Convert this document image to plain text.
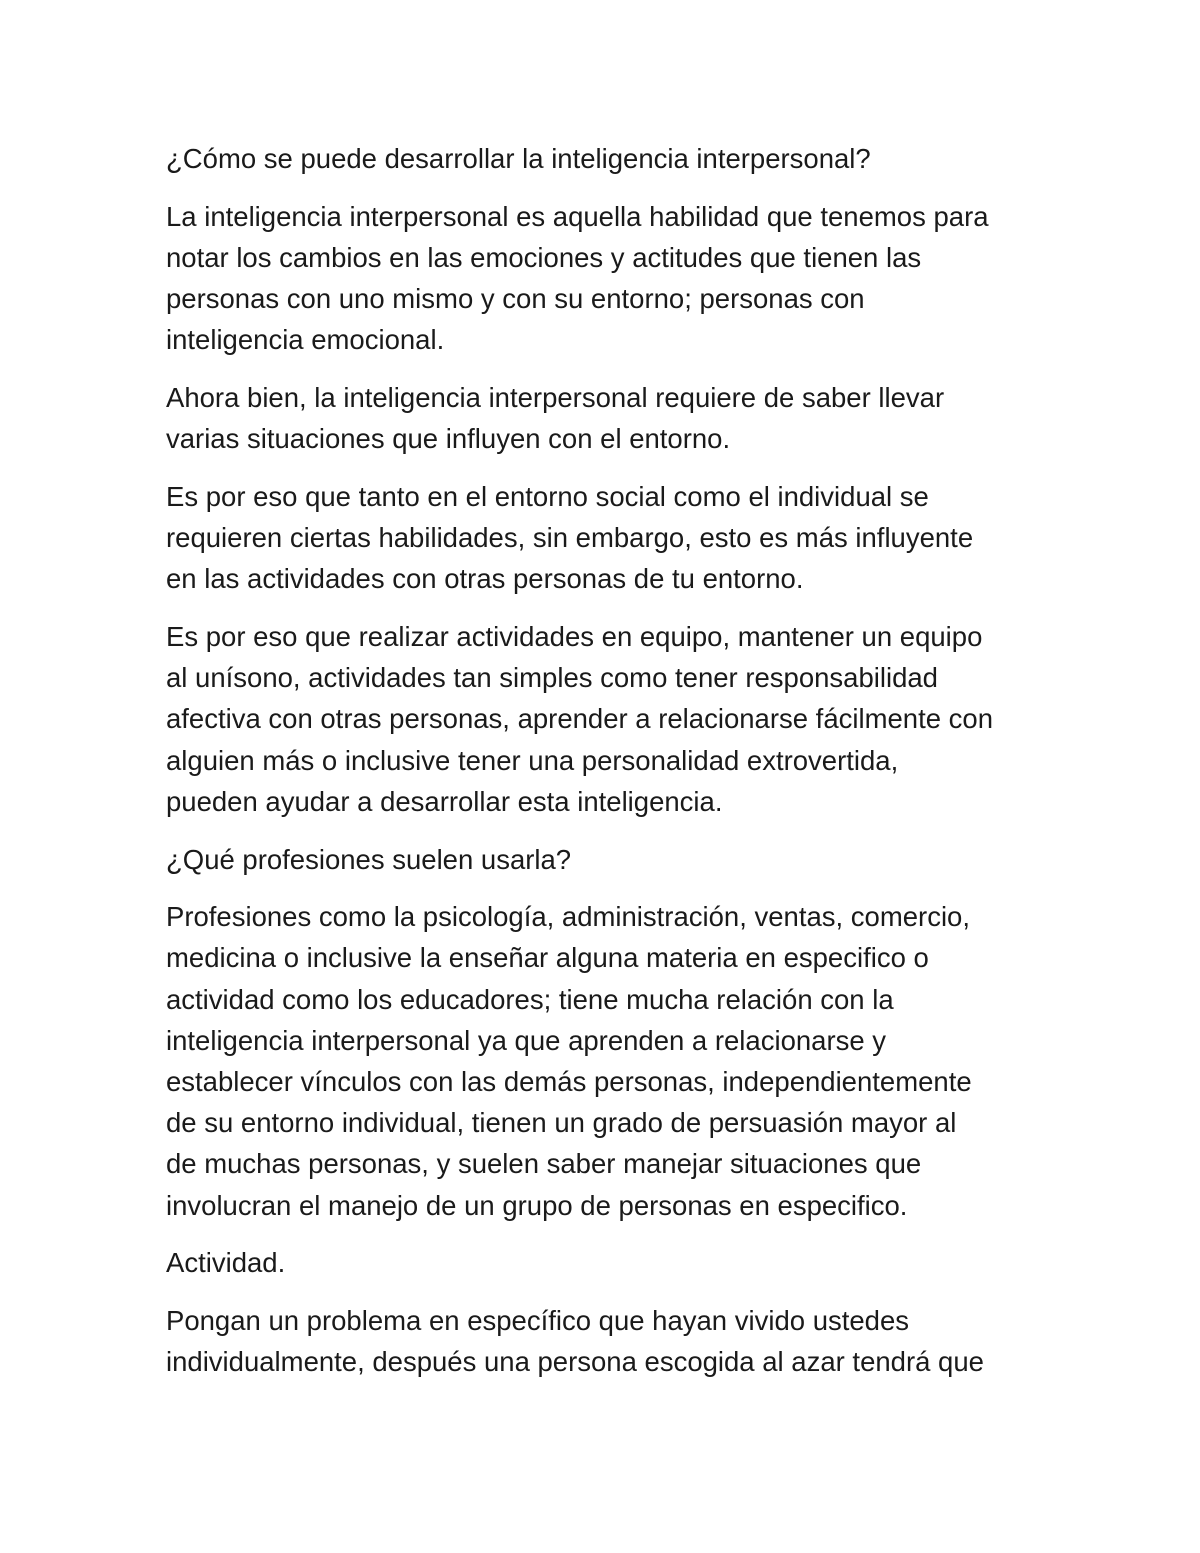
¿Cómo se puede desarrollar la inteligencia interpersonal?

La inteligencia interpersonal es aquella habilidad que tenemos para
notar los cambios en las emociones y actitudes que tienen las
personas con uno mismo y con su entorno; personas con
inteligencia emocional.

Ahora bien, la inteligencia interpersonal requiere de saber llevar
varias situaciones que influyen con el entorno.

Es por eso que tanto en el entorno social como el individual se
requieren ciertas habilidades, sin embargo, esto es más influyente
en las actividades con otras personas de tu entorno.

Es por eso que realizar actividades en equipo, mantener un equipo
al unísono, actividades tan simples como tener responsabilidad
afectiva con otras personas, aprender a relacionarse fácilmente con
alguien más o inclusive tener una personalidad extrovertida,
pueden ayudar a desarrollar esta inteligencia.

¿Qué profesiones suelen usarla?

Profesiones como la psicología, administración, ventas, comercio,
medicina o inclusive la enseñar alguna materia en especifico o
actividad como los educadores; tiene mucha relación con la
inteligencia interpersonal ya que aprenden a relacionarse y
establecer vínculos con las demás personas, independientemente
de su entorno individual, tienen un grado de persuasión mayor al
de muchas personas, y suelen saber manejar situaciones que
involucran el manejo de un grupo de personas en especifico.

Actividad.

Pongan un problema en específico que hayan vivido ustedes
individualmente, después una persona escogida al azar tendrá que
